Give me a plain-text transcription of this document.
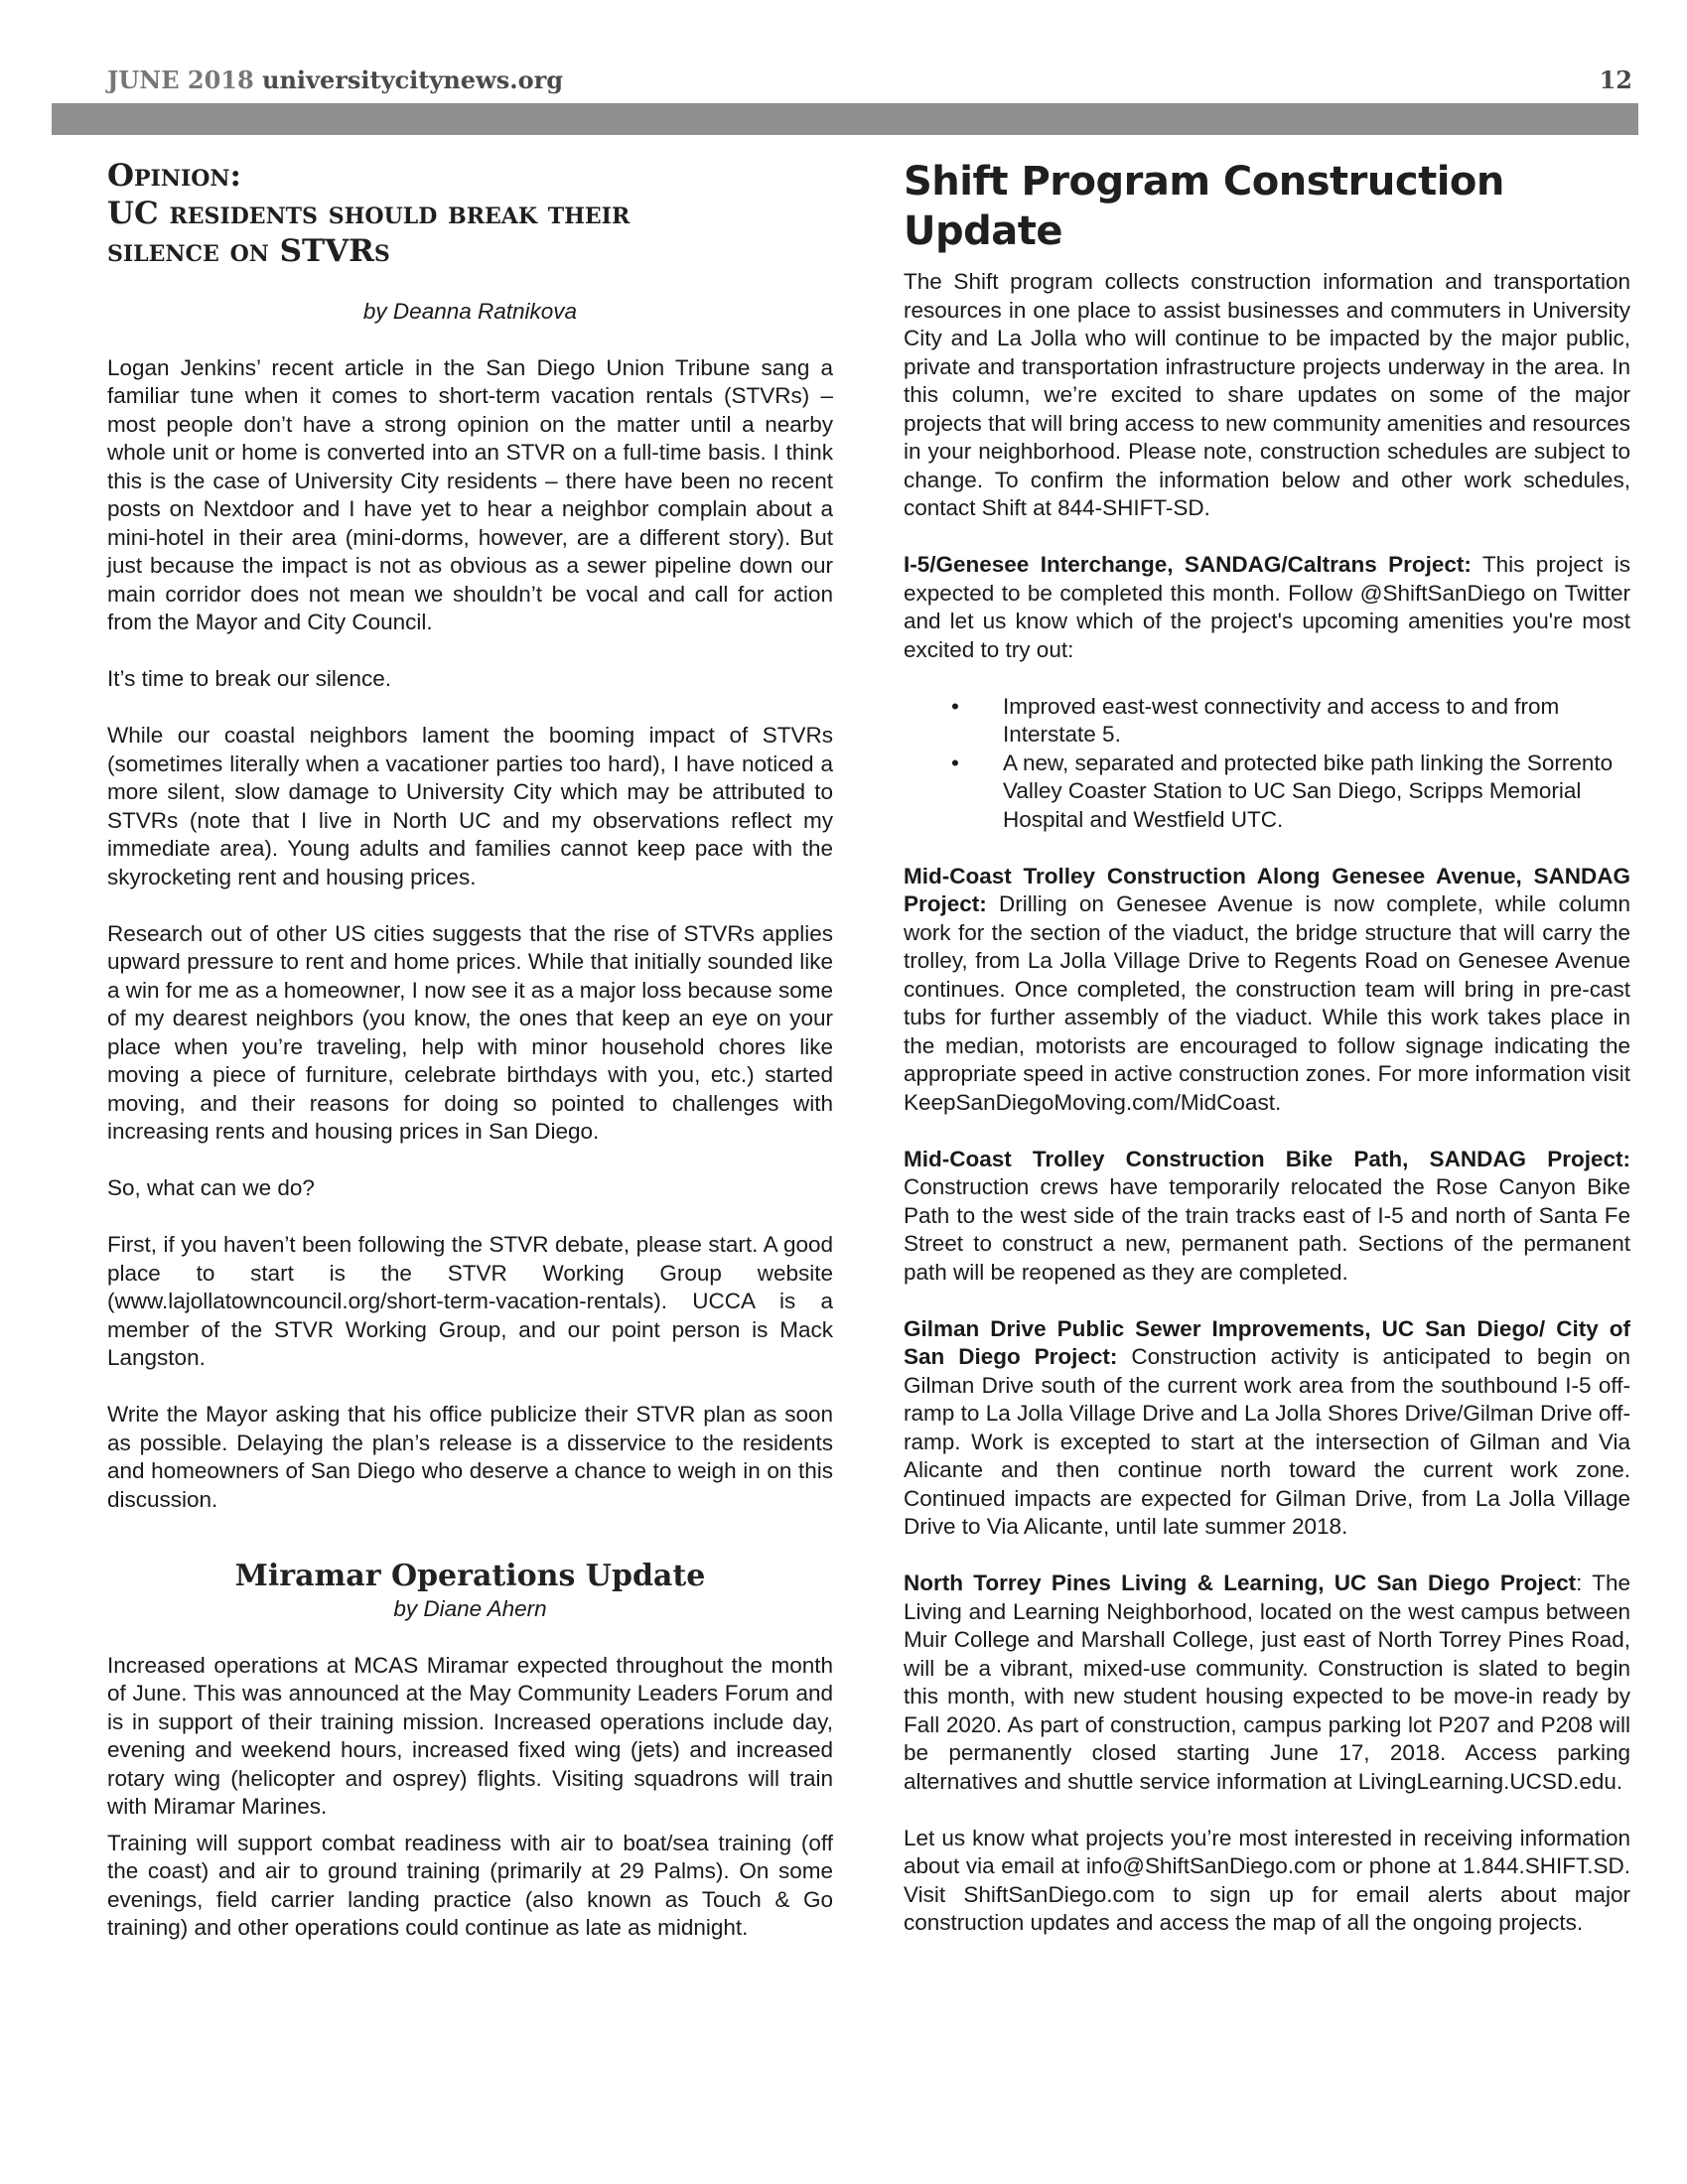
JUNE 2018 universitycitynews.org	12
Opinion:
UC residents should break their
silence on STVRs
by Deanna Ratnikova

Logan Jenkins’ recent article in the San Diego Union Tribune sang a familiar tune when it comes to short-term vacation rentals (STVRs) – most people don’t have a strong opinion on the matter until a nearby whole unit or home is converted into an STVR on a full-time basis. I think this is the case of University City residents – there have been no recent posts on Nextdoor and I have yet to hear a neighbor complain about a mini-hotel in their area (mini-dorms, however, are a different story). But just because the impact is not as obvious as a sewer pipeline down our main corridor does not mean we shouldn’t be vocal and call for action from the Mayor and City Council.

It’s time to break our silence.

While our coastal neighbors lament the booming impact of STVRs (sometimes literally when a vacationer parties too hard), I have noticed a more silent, slow damage to University City which may be attributed to STVRs (note that I live in North UC and my observations reflect my immediate area). Young adults and families cannot keep pace with the skyrocketing rent and housing prices.

Research out of other US cities suggests that the rise of STVRs applies upward pressure to rent and home prices. While that initially sounded like a win for me as a homeowner, I now see it as a major loss because some of my dearest neighbors (you know, the ones that keep an eye on your place when you’re traveling, help with minor household chores like moving a piece of furniture, celebrate birthdays with you, etc.) started moving, and their reasons for doing so pointed to challenges with increasing rents and housing prices in San Diego.

So, what can we do?

First, if you haven’t been following the STVR debate, please start. A good place to start is the STVR Working Group website (www.lajollatowncouncil.org/short-term-vacation-rentals). UCCA is a member of the STVR Working Group, and our point person is Mack Langston.

Write the Mayor asking that his office publicize their STVR plan as soon as possible. Delaying the plan’s release is a disservice to the residents and homeowners of San Diego who deserve a chance to weigh in on this discussion.

Miramar Operations Update
by Diane Ahern

Increased operations at MCAS Miramar expected throughout the month of June. This was announced at the May Community Leaders Forum and is in support of their training mission. Increased operations include day, evening and weekend hours, increased fixed wing (jets) and increased rotary wing (helicopter and osprey) flights. Visiting squadrons will train with Miramar Marines.

Training will support combat readiness with air to boat/sea training (off the coast) and air to ground training (primarily at 29 Palms). On some evenings, field carrier landing practice (also known as Touch & Go training) and other operations could continue as late as midnight.

Shift Program Construction Update

The Shift program collects construction information and transportation resources in one place to assist businesses and commuters in University City and La Jolla who will continue to be impacted by the major public, private and transportation infrastructure projects underway in the area. In this column, we’re excited to share updates on some of the major projects that will bring access to new community amenities and resources in your neighborhood. Please note, construction schedules are subject to change. To confirm the information below and other work schedules, contact Shift at 844-SHIFT-SD.

I-5/Genesee Interchange, SANDAG/Caltrans Project: This project is expected to be completed this month. Follow @ShiftSanDiego on Twitter and let us know which of the project's upcoming amenities you're most excited to try out:

• Improved east-west connectivity and access to and from Interstate 5.
• A new, separated and protected bike path linking the Sorrento Valley Coaster Station to UC San Diego, Scripps Memorial Hospital and Westfield UTC.

Mid-Coast Trolley Construction Along Genesee Avenue, SANDAG Project: Drilling on Genesee Avenue is now complete, while column work for the section of the viaduct, the bridge structure that will carry the trolley, from La Jolla Village Drive to Regents Road on Genesee Avenue continues. Once completed, the construction team will bring in pre-cast tubs for further assembly of the viaduct. While this work takes place in the median, motorists are encouraged to follow signage indicating the appropriate speed in active construction zones. For more information visit KeepSanDiegoMoving.com/MidCoast.

Mid-Coast Trolley Construction Bike Path, SANDAG Project: Construction crews have temporarily relocated the Rose Canyon Bike Path to the west side of the train tracks east of I-5 and north of Santa Fe Street to construct a new, permanent path. Sections of the permanent path will be reopened as they are completed.

Gilman Drive Public Sewer Improvements, UC San Diego/ City of San Diego Project: Construction activity is anticipated to begin on Gilman Drive south of the current work area from the southbound I-5 off-ramp to La Jolla Village Drive and La Jolla Shores Drive/Gilman Drive off-ramp. Work is excepted to start at the intersection of Gilman and Via Alicante and then continue north toward the current work zone. Continued impacts are expected for Gilman Drive, from La Jolla Village Drive to Via Alicante, until late summer 2018.

North Torrey Pines Living & Learning, UC San Diego Project: The Living and Learning Neighborhood, located on the west campus between Muir College and Marshall College, just east of North Torrey Pines Road, will be a vibrant, mixed-use community. Construction is slated to begin this month, with new student housing expected to be move-in ready by Fall 2020. As part of construction, campus parking lot P207 and P208 will be permanently closed starting June 17, 2018. Access parking alternatives and shuttle service information at LivingLearning.UCSD.edu.

Let us know what projects you’re most interested in receiving information about via email at info@ShiftSanDiego.com or phone at 1.844.SHIFT.SD. Visit ShiftSanDiego.com to sign up for email alerts about major construction updates and access the map of all the ongoing projects.
